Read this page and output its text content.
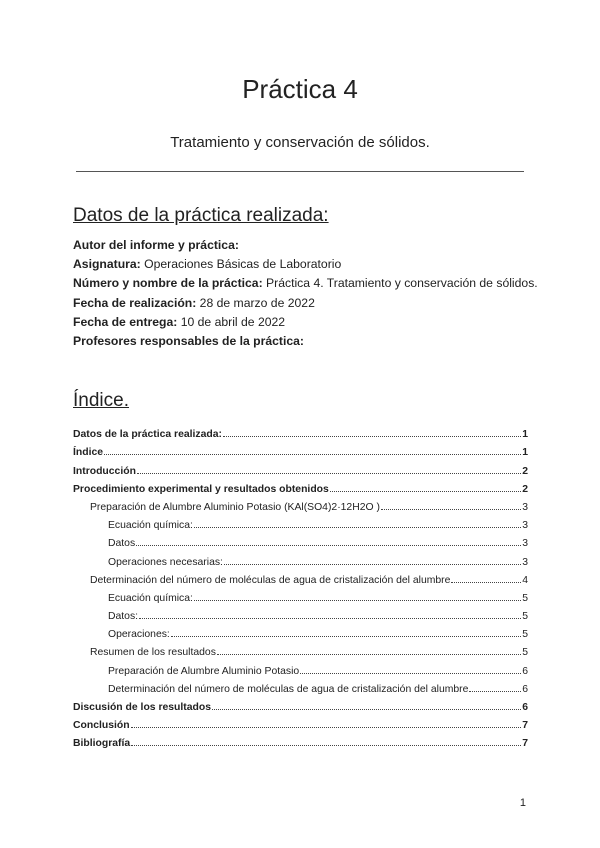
Práctica 4
Tratamiento y conservación de sólidos.
Datos de la práctica realizada:
Autor del informe y práctica:
Asignatura: Operaciones Básicas de Laboratorio
Número y nombre de la práctica: Práctica 4. Tratamiento y conservación de sólidos.
Fecha de realización: 28 de marzo de 2022
Fecha de entrega: 10 de abril de 2022
Profesores responsables de la práctica:
Índice.
Datos de la práctica realizada:	1
Índice	1
Introducción	2
Procedimiento experimental y resultados obtenidos	2
Preparación de Alumbre Aluminio Potasio (KAl(SO4)2·12H2O )	3
Ecuación química:	3
Datos	3
Operaciones necesarias:	3
Determinación del número de moléculas de agua de cristalización del alumbre	4
Ecuación química:	5
Datos:	5
Operaciones:	5
Resumen de los resultados	5
Preparación de Alumbre Aluminio Potasio	6
Determinación del número de moléculas de agua de cristalización del alumbre	6
Discusión de los resultados	6
Conclusión	7
Bibliografía	7
1
